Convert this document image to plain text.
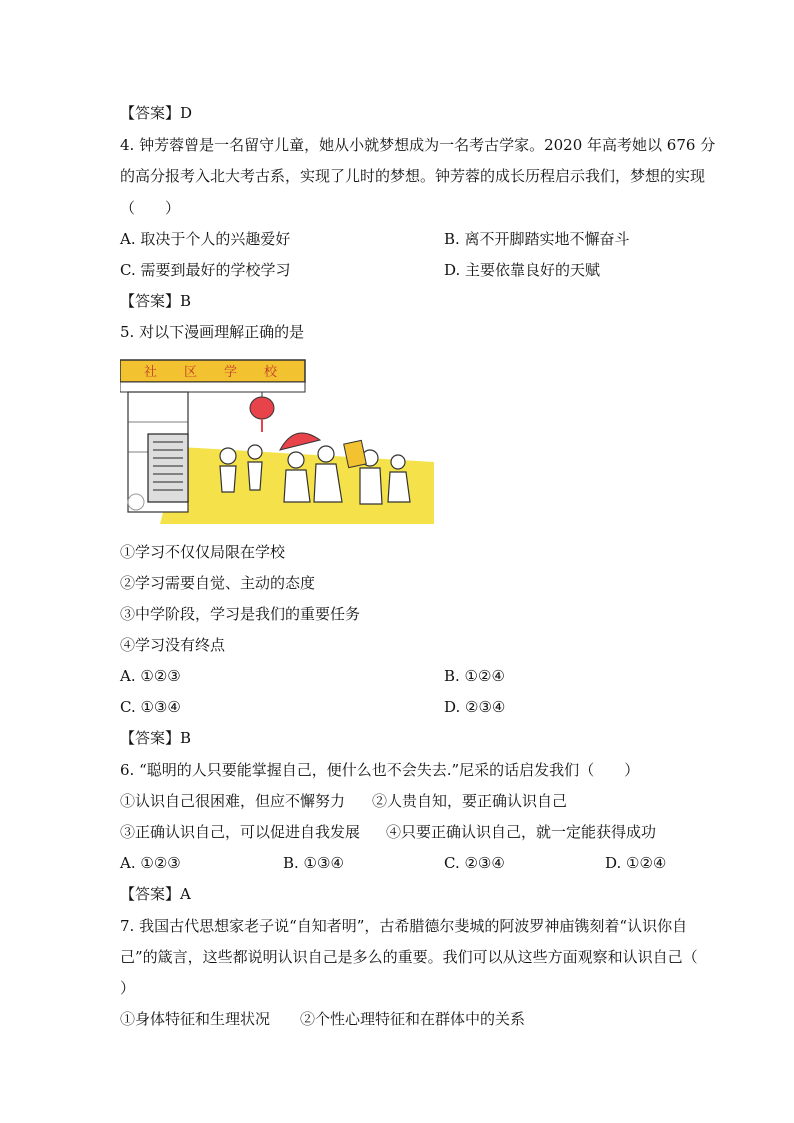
【答案】D
4. 钟芳蓉曾是一名留守儿童，她从小就梦想成为一名考古学家。2020 年高考她以 676 分
的高分报考入北大考古系，实现了儿时的梦想。钟芳蓉的成长历程启示我们，梦想的实现
（　　）
A. 取决于个人的兴趣爱好	B. 离不开脚踏实地不懈奋斗
C. 需要到最好的学校学习	D. 主要依靠良好的天赋
【答案】B
5. 对以下漫画理解正确的是
社 区 学 校
①学习不仅仅局限在学校
②学习需要自觉、主动的态度
③中学阶段，学习是我们的重要任务
④学习没有终点
A. ①②③	B. ①②④
C. ①③④	D. ②③④
【答案】B
6. “聪明的人只要能掌握自己，便什么也不会失去.”尼采的话启发我们（　　）
①认识自己很困难，但应不懈努力 ②人贵自知，要正确认识自己
③正确认识自己，可以促进自我发展 ④只要正确认识自己，就一定能获得成功
A. ①②③	B. ①③④	C. ②③④	D. ①②④
【答案】A
7. 我国古代思想家老子说“自知者明”，古希腊德尔斐城的阿波罗神庙镌刻着“认识你自
己”的箴言，这些都说明认识自己是多么的重要。我们可以从这些方面观察和认识自己（
）
①身体特征和生理状况 ②个性心理特征和在群体中的关系
